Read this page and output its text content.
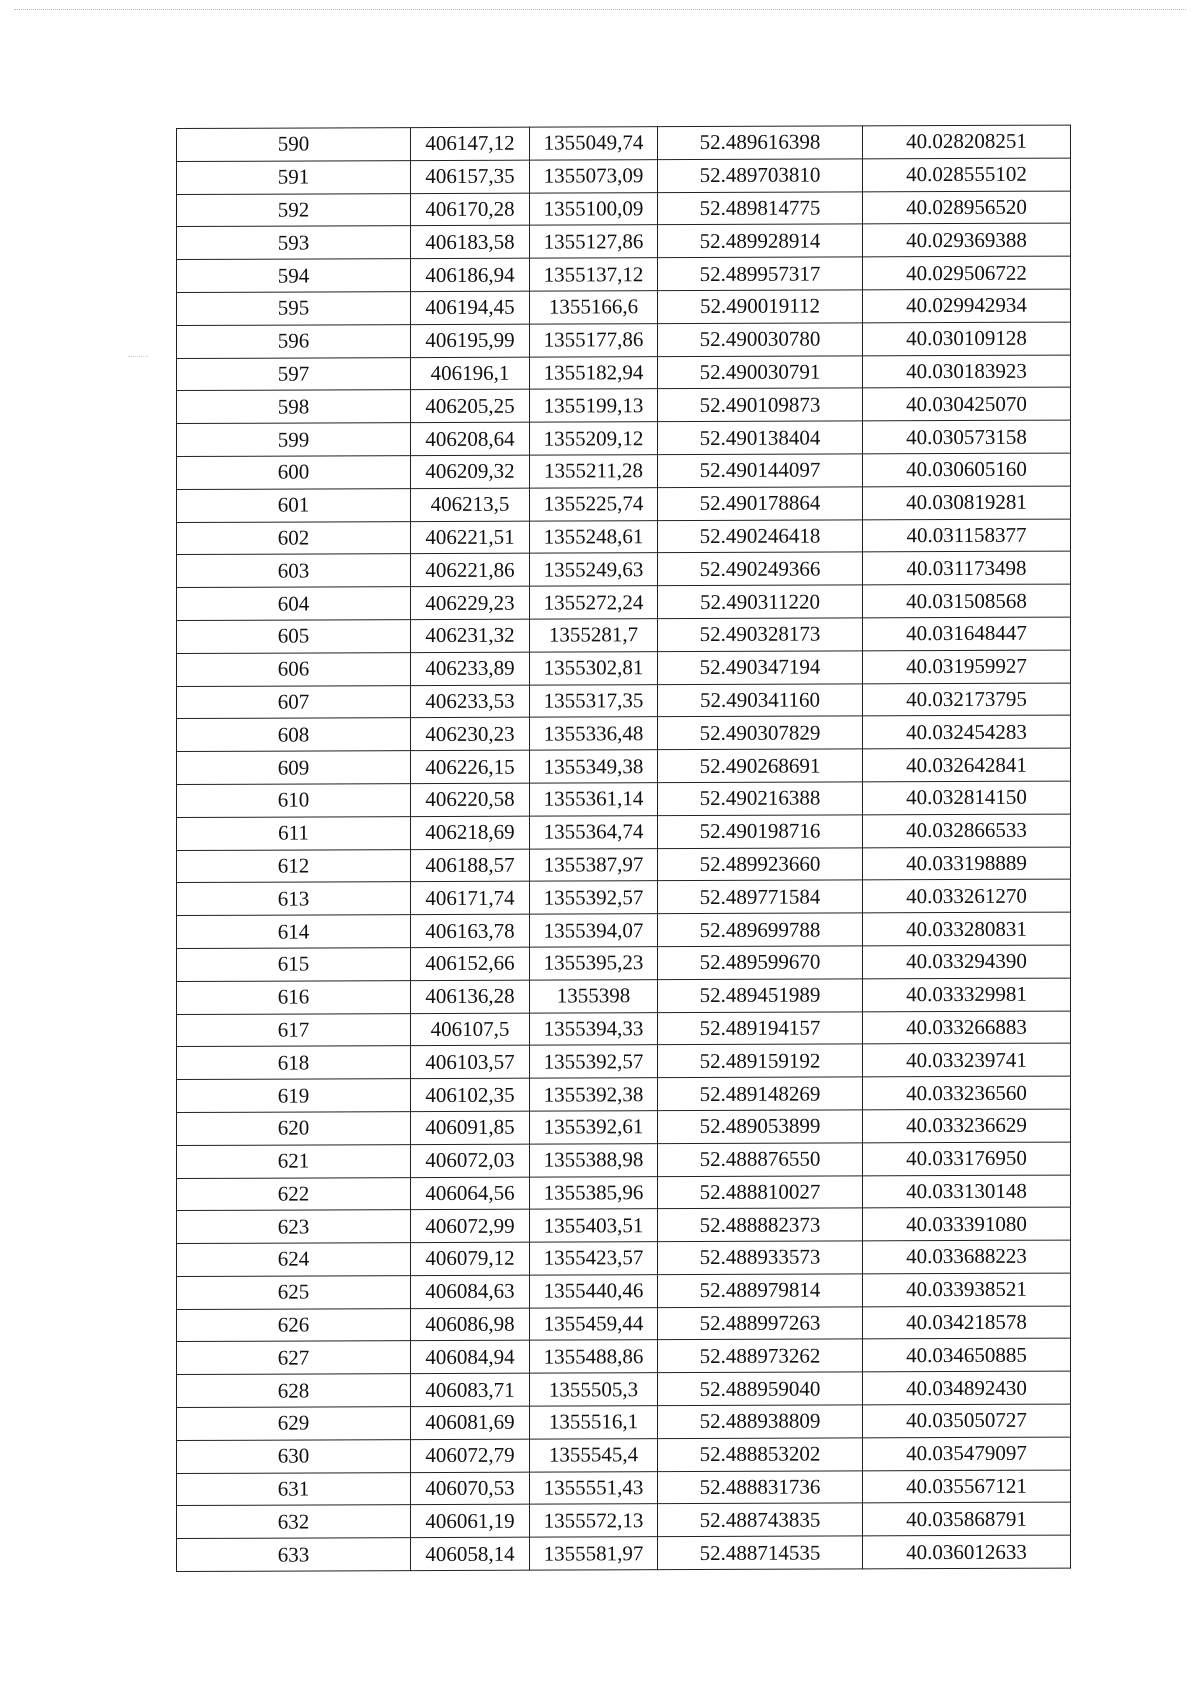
590	406147,12	1355049,74	52.489616398	40.028208251
591	406157,35	1355073,09	52.489703810	40.028555102
592	406170,28	1355100,09	52.489814775	40.028956520
593	406183,58	1355127,86	52.489928914	40.029369388
594	406186,94	1355137,12	52.489957317	40.029506722
595	406194,45	1355166,6	52.490019112	40.029942934
596	406195,99	1355177,86	52.490030780	40.030109128
597	406196,1	1355182,94	52.490030791	40.030183923
598	406205,25	1355199,13	52.490109873	40.030425070
599	406208,64	1355209,12	52.490138404	40.030573158
600	406209,32	1355211,28	52.490144097	40.030605160
601	406213,5	1355225,74	52.490178864	40.030819281
602	406221,51	1355248,61	52.490246418	40.031158377
603	406221,86	1355249,63	52.490249366	40.031173498
604	406229,23	1355272,24	52.490311220	40.031508568
605	406231,32	1355281,7	52.490328173	40.031648447
606	406233,89	1355302,81	52.490347194	40.031959927
607	406233,53	1355317,35	52.490341160	40.032173795
608	406230,23	1355336,48	52.490307829	40.032454283
609	406226,15	1355349,38	52.490268691	40.032642841
610	406220,58	1355361,14	52.490216388	40.032814150
611	406218,69	1355364,74	52.490198716	40.032866533
612	406188,57	1355387,97	52.489923660	40.033198889
613	406171,74	1355392,57	52.489771584	40.033261270
614	406163,78	1355394,07	52.489699788	40.033280831
615	406152,66	1355395,23	52.489599670	40.033294390
616	406136,28	1355398	52.489451989	40.033329981
617	406107,5	1355394,33	52.489194157	40.033266883
618	406103,57	1355392,57	52.489159192	40.033239741
619	406102,35	1355392,38	52.489148269	40.033236560
620	406091,85	1355392,61	52.489053899	40.033236629
621	406072,03	1355388,98	52.488876550	40.033176950
622	406064,56	1355385,96	52.488810027	40.033130148
623	406072,99	1355403,51	52.488882373	40.033391080
624	406079,12	1355423,57	52.488933573	40.033688223
625	406084,63	1355440,46	52.488979814	40.033938521
626	406086,98	1355459,44	52.488997263	40.034218578
627	406084,94	1355488,86	52.488973262	40.034650885
628	406083,71	1355505,3	52.488959040	40.034892430
629	406081,69	1355516,1	52.488938809	40.035050727
630	406072,79	1355545,4	52.488853202	40.035479097
631	406070,53	1355551,43	52.488831736	40.035567121
632	406061,19	1355572,13	52.488743835	40.035868791
633	406058,14	1355581,97	52.488714535	40.036012633
